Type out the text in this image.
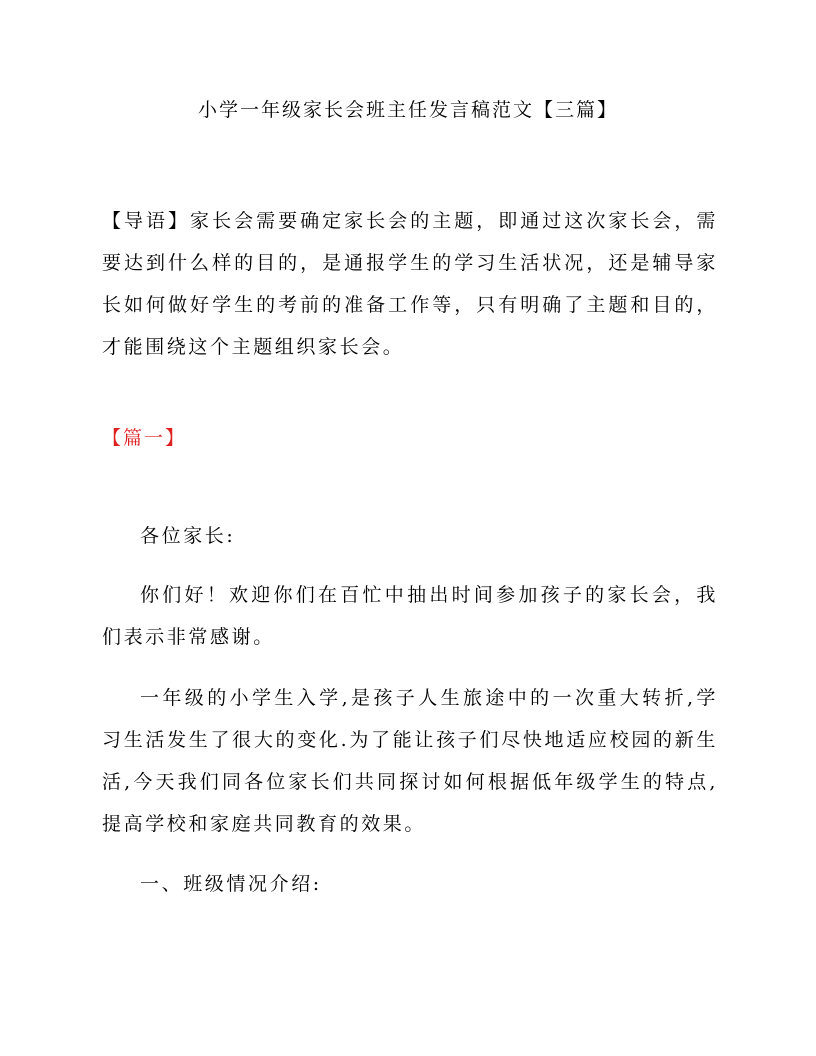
小学一年级家长会班主任发言稿范文【三篇】
【导语】家长会需要确定家长会的主题，即通过这次家长会，需要达到什么样的目的，是通报学生的学习生活状况，还是辅导家长如何做好学生的考前的准备工作等，只有明确了主题和目的，才能围绕这个主题组织家长会。
【篇一】
各位家长:
你们好！欢迎你们在百忙中抽出时间参加孩子的家长会，我们表示非常感谢。
一年级的小学生入学,是孩子人生旅途中的一次重大转折,学习生活发生了很大的变化.为了能让孩子们尽快地适应校园的新生活,今天我们同各位家长们共同探讨如何根据低年级学生的特点,提高学校和家庭共同教育的效果。
一、班级情况介绍:
